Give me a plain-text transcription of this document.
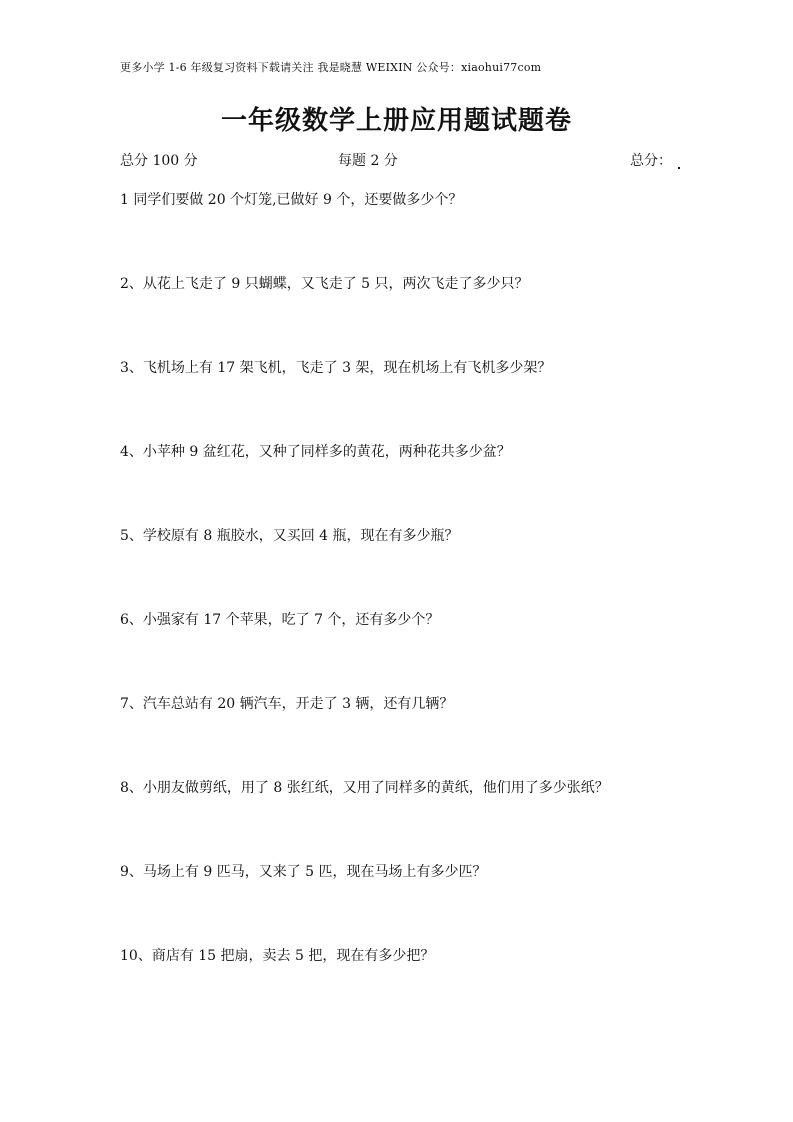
更多小学 1-6 年级复习资料下载请关注 我是晓慧 WEIXIN 公众号：xiaohui77com
一年级数学上册应用题试题卷
总分 100 分	每题 2 分	总分：
1 同学们要做 20 个灯笼,已做好 9 个，还要做多少个？
2、从花上飞走了 9 只蝴蝶，又飞走了 5 只，两次飞走了多少只？
3、飞机场上有 17 架飞机，飞走了 3 架，现在机场上有飞机多少架？
4、小苹种 9 盆红花，又种了同样多的黄花，两种花共多少盆？
5、学校原有 8 瓶胶水，又买回 4 瓶，现在有多少瓶？
6、小强家有 17 个苹果，吃了 7 个，还有多少个？
7、汽车总站有 20 辆汽车，开走了 3 辆，还有几辆？
8、小朋友做剪纸，用了 8 张红纸，又用了同样多的黄纸，他们用了多少张纸？
9、马场上有 9 匹马，又来了 5 匹，现在马场上有多少匹？
10、商店有 15 把扇，卖去 5 把，现在有多少把？
